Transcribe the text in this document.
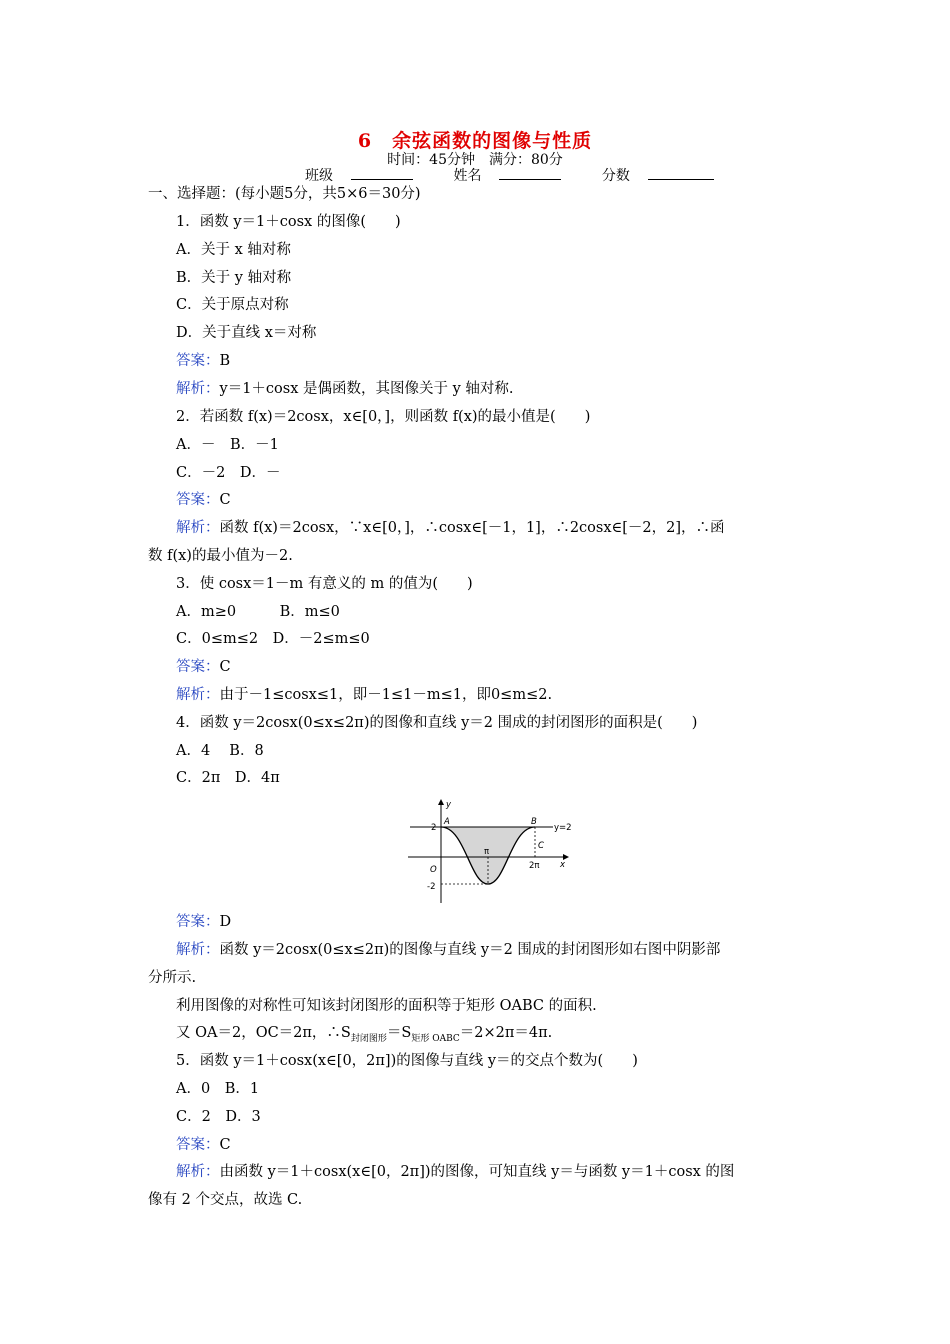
6　余弦函数的图像与性质
时间：45分钟　满分：80分
班级	姓名	分数
一、选择题：(每小题5分，共5×6＝30分)
1．函数 y＝1＋cosx 的图像(　　)
A．关于 x 轴对称
B．关于 y 轴对称
C．关于原点对称
D．关于直线 x＝对称
答案：B
解析：y＝1＋cosx 是偶函数，其图像关于 y 轴对称.
2．若函数 f(x)＝2cosx，x∈[0，]，则函数 f(x)的最小值是(　　)
A．－　B．－1
C．－2　D．－
答案：C
解析：函数 f(x)＝2cosx，∵x∈[0，]，∴cosx∈[－1，1]，∴2cosx∈[－2，2]，∴函
数 f(x)的最小值为－2.
3．使 cosx＝1－m 有意义的 m 的值为(　　)
A．m≥0　　　B．m≤0
C．0≤m≤2　D．－2≤m≤0
答案：C
解析：由于－1≤cosx≤1，即－1≤1－m≤1，即0≤m≤2.
4．函数 y＝2cosx(0≤x≤2π)的图像和直线 y＝2 围成的封闭图形的面积是(　　)
A．4　 B．8
C．2π　D．4π
y
x
O
2
-2
π
2π
A	B
C
y=2
答案：D
解析：函数 y＝2cosx(0≤x≤2π)的图像与直线 y＝2 围成的封闭图形如右图中阴影部
分所示.
利用图像的对称性可知该封闭图形的面积等于矩形 OABC 的面积.
又 OA＝2，OC＝2π，$\therefore S_{封闭图形}=S_{矩形 OABC}=2\times 2\pi=4\pi$.
5．函数 y＝1＋cosx(x∈[0，2π])的图像与直线 y＝的交点个数为(　　)
A．0　B．1
C．2　D．3
答案：C
解析：由函数 y＝1＋cosx(x∈[0，2π])的图像，可知直线 y＝与函数 y＝1＋cosx 的图
像有 2 个交点，故选 C.
